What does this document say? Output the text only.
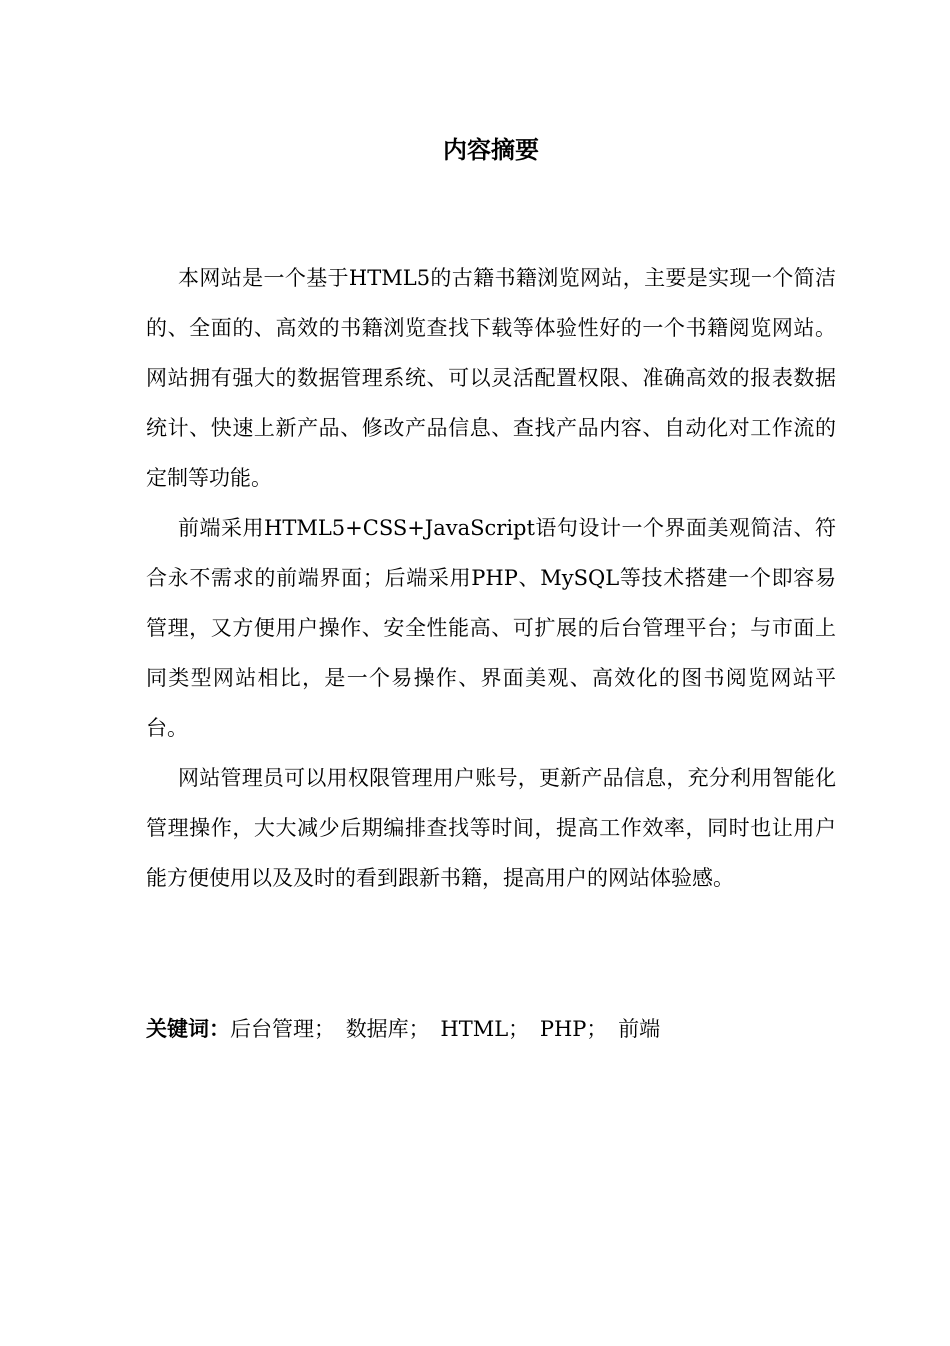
内容摘要

本网站是一个基于HTML5的古籍书籍浏览网站，主要是实现一个简洁的、全面的、高效的书籍浏览查找下载等体验性好的一个书籍阅览网站。网站拥有强大的数据管理系统、可以灵活配置权限、准确高效的报表数据统计、快速上新产品、修改产品信息、查找产品内容、自动化对工作流的定制等功能。

前端采用HTML5+CSS+JavaScript语句设计一个界面美观简洁、符合永不需求的前端界面；后端采用PHP、MySQL等技术搭建一个即容易管理，又方便用户操作、安全性能高、可扩展的后台管理平台；与市面上同类型网站相比，是一个易操作、界面美观、高效化的图书阅览网站平台。

网站管理员可以用权限管理用户账号，更新产品信息，充分利用智能化管理操作，大大减少后期编排查找等时间，提高工作效率，同时也让用户能方便使用以及及时的看到跟新书籍，提高用户的网站体验感。

关键词：后台管理； 数据库； HTML； PHP； 前端
